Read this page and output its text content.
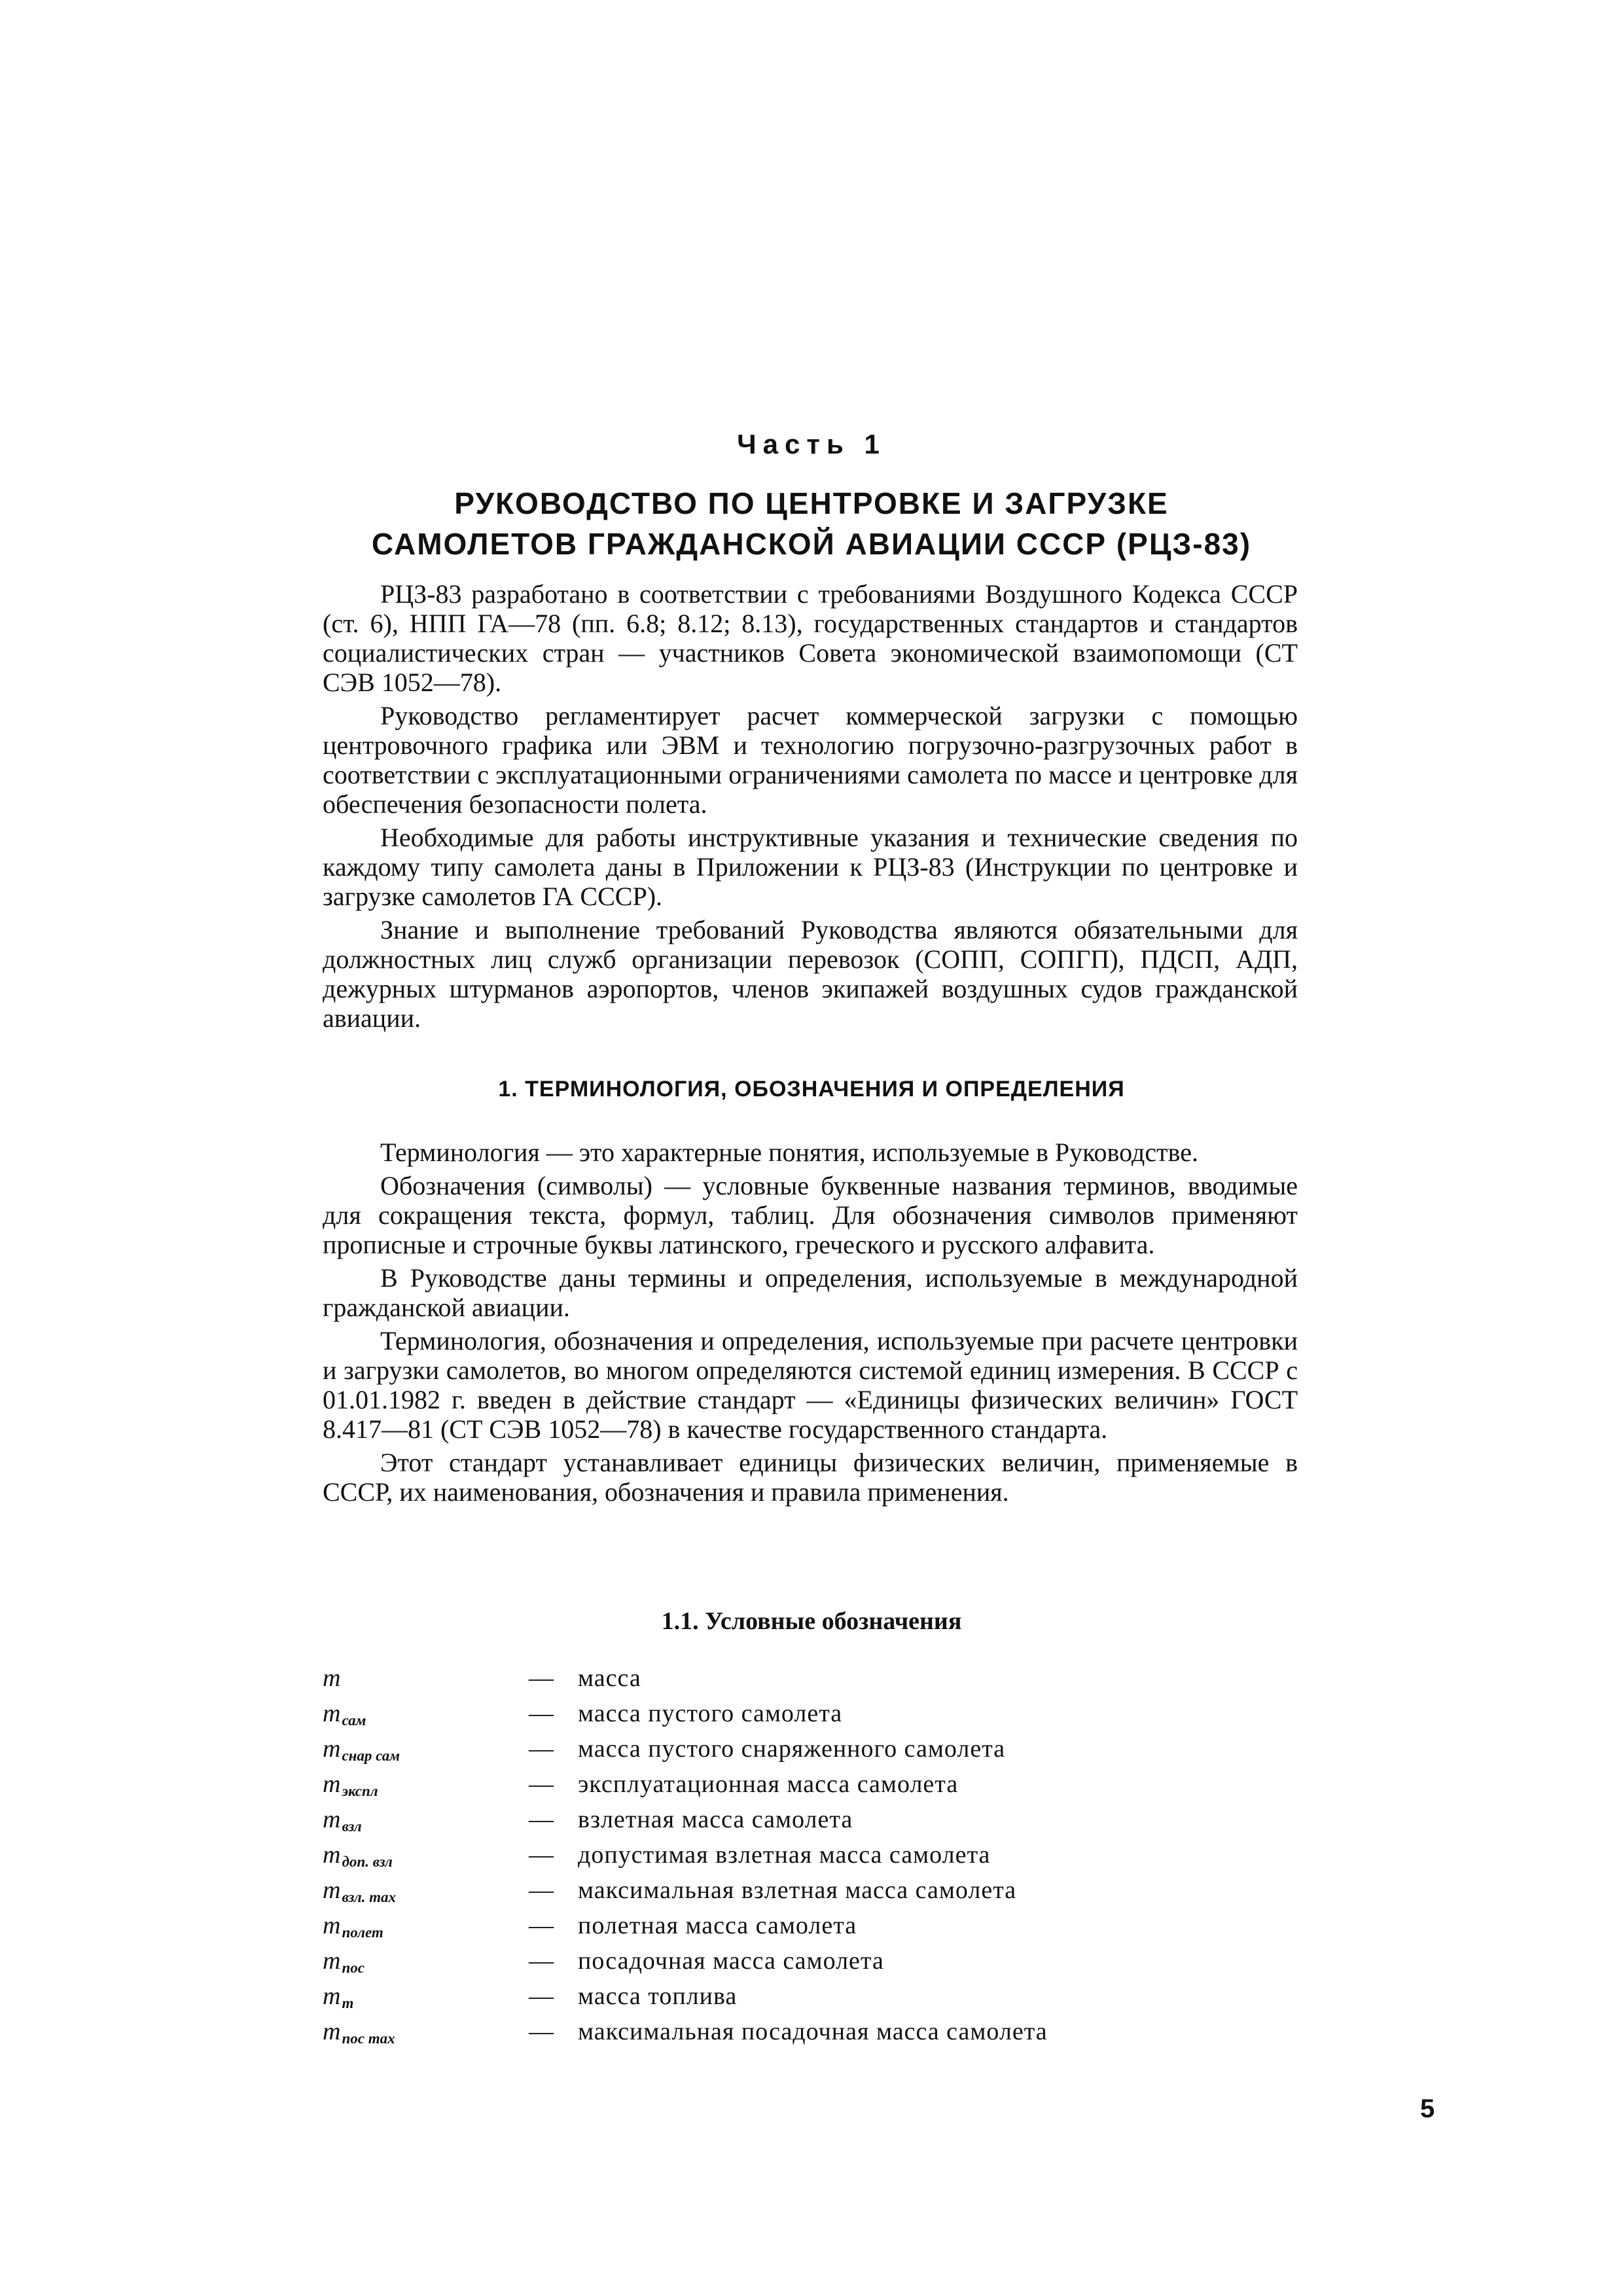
Часть 1
РУКОВОДСТВО ПО ЦЕНТРОВКЕ И ЗАГРУЗКЕ
САМОЛЕТОВ ГРАЖДАНСКОЙ АВИАЦИИ СССР (РЦЗ-83)

РЦЗ-83 разработано в соответствии с требованиями Воздушного Кодекса СССР (ст. 6), НПП ГА—78 (пп. 6.8; 8.12; 8.13), государственных стандартов и стандартов социалистических стран — участников Совета экономической взаимопомощи (СТ СЭВ 1052—78).

Руководство регламентирует расчет коммерческой загрузки с помощью центровочного графика или ЭВМ и технологию погрузочно-разгрузочных работ в соответствии с эксплуатационными ограничениями самолета по массе и центровке для обеспечения безопасности полета.

Необходимые для работы инструктивные указания и технические сведения по каждому типу самолета даны в Приложении к РЦЗ-83 (Инструкции по центровке и загрузке самолетов ГА СССР).

Знание и выполнение требований Руководства являются обязательными для должностных лиц служб организации перевозок (СОПП, СОПГП), ПДСП, АДП, дежурных штурманов аэропортов, членов экипажей воздушных судов гражданской авиации.

1. ТЕРМИНОЛОГИЯ, ОБОЗНАЧЕНИЯ И ОПРЕДЕЛЕНИЯ

Терминология — это характерные понятия, используемые в Руководстве.

Обозначения (символы) — условные буквенные названия терминов, вводимые для сокращения текста, формул, таблиц. Для обозначения символов применяют прописные и строчные буквы латинского, греческого и русского алфавита.

В Руководстве даны термины и определения, используемые в международной гражданской авиации.

Терминология, обозначения и определения, используемые при расчете центровки и загрузки самолетов, во многом определяются системой единиц измерения. В СССР с 01.01.1982 г. введен в действие стандарт — «Единицы физических величин» ГОСТ 8.417—81 (СТ СЭВ 1052—78) в качестве государственного стандарта.

Этот стандарт устанавливает единицы физических величин, применяемые в СССР, их наименования, обозначения и правила применения.

1.1. Условные обозначения
m	— масса
$m_{сам}$	— масса пустого самолета
$m_{снар сам}$	— масса пустого снаряженного самолета
$m_{экспл}$	— эксплуатационная масса самолета
$m_{взл}$	— взлетная масса самолета
$m_{доп. взл}$	— допустимая взлетная масса самолета
$m_{взл. max}$	— максимальная взлетная масса самолета
$m_{полет}$	— полетная масса самолета
$m_{пос}$	— посадочная масса самолета
$m_т$	— масса топлива
$m_{пос max}$	— максимальная посадочная масса самолета
5
